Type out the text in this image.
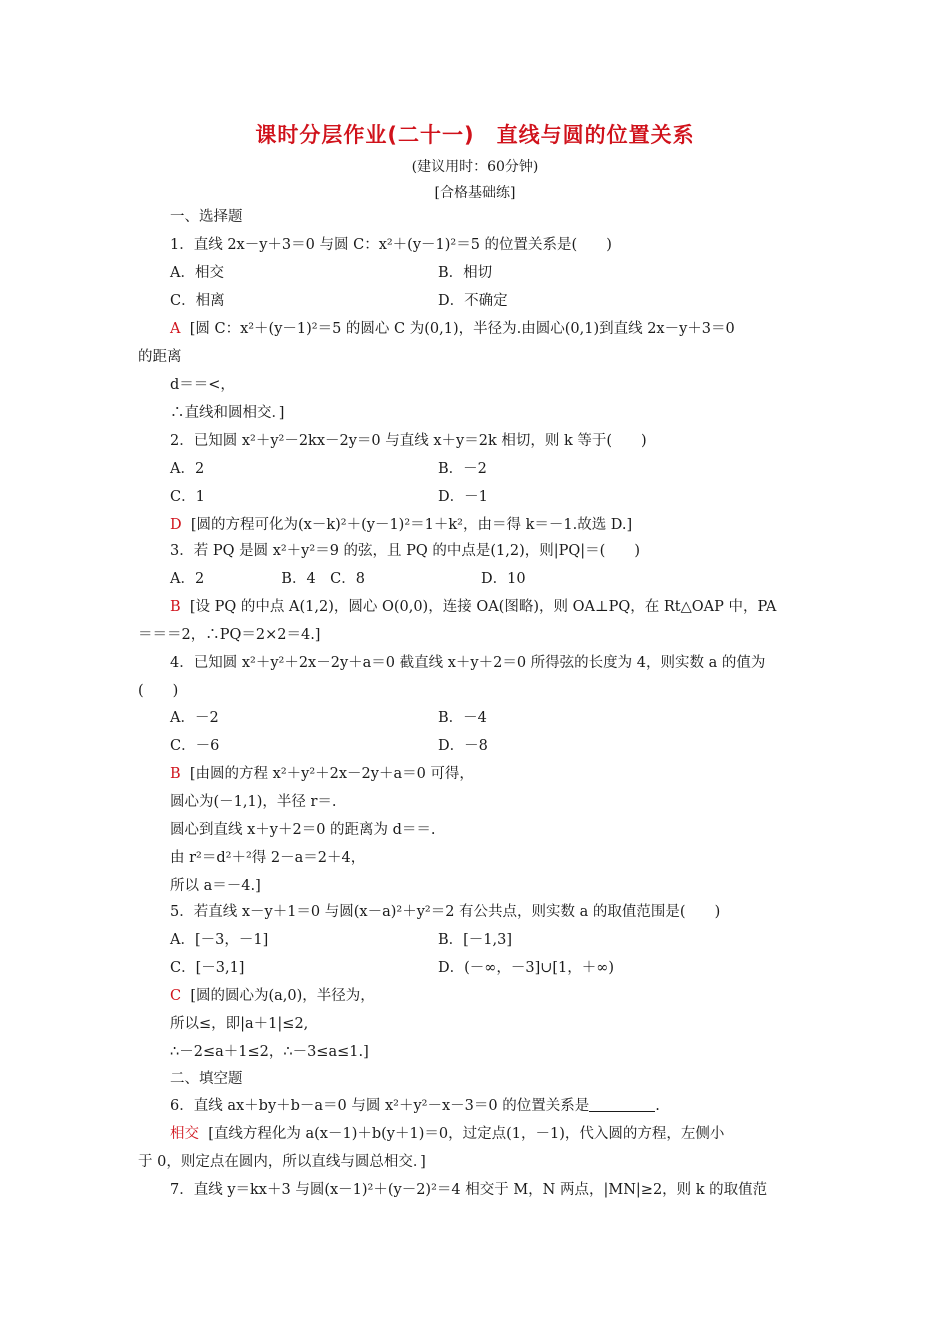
课时分层作业(二十一)　直线与圆的位置关系
(建议用时：60分钟)
[合格基础练]
一、选择题
1．直线 2x－y＋3＝0 与圆 C：x²＋(y－1)²＝5 的位置关系是(　　)
A．相交	B．相切
C．相离	D．不确定
A [圆 C：x²＋(y－1)²＝5 的圆心 C 为(0,1)，半径为.由圆心(0,1)到直线 2x－y＋3＝0
的距离
d＝＝<，
∴直线和圆相交．]
2．已知圆 x²＋y²－2kx－2y＝0 与直线 x＋y＝2k 相切，则 k 等于(　　)
A．2	B．－2
C．1	D．－1
D [圆的方程可化为(x－k)²＋(y－1)²＝1＋k²，由＝得 k＝－1.故选 D.]
3．若 PQ 是圆 x²＋y²＝9 的弦，且 PQ 的中点是(1,2)，则|PQ|＝(　　)
A．2　　　　　 B．4　C．8　　　　　　　　D．10
B [设 PQ 的中点 A(1,2)，圆心 O(0,0)，连接 OA(图略)，则 OA⊥PQ，在 Rt△OAP 中，PA
＝＝＝2，∴PQ＝2×2＝4.]
4．已知圆 x²＋y²＋2x－2y＋a＝0 截直线 x＋y＋2＝0 所得弦的长度为 4，则实数 a 的值为
(　　)
A．－2	B．－4
C．－6	D．－8
B [由圆的方程 x²＋y²＋2x－2y＋a＝0 可得，
圆心为(－1,1)，半径 r＝.
圆心到直线 x＋y＋2＝0 的距离为 d＝＝.
由 r²＝d²＋²得 2－a＝2＋4，
所以 a＝－4.]
5．若直线 x－y＋1＝0 与圆(x－a)²＋y²＝2 有公共点，则实数 a 的取值范围是(　　)
A．[－3，－1]	B．[－1,3]
C．[－3,1]	D．(－∞，－3]∪[1，＋∞)
C [圆的圆心为(a,0)，半径为，
所以≤，即|a＋1|≤2,
∴－2≤a＋1≤2，∴－3≤a≤1.]
二、填空题
6．直线 ax＋by＋b－a＝0 与圆 x²＋y²－x－3＝0 的位置关系是	.
相交 [直线方程化为 a(x－1)＋b(y＋1)＝0，过定点(1，－1)，代入圆的方程，左侧小
于 0，则定点在圆内，所以直线与圆总相交．]
7．直线 y＝kx＋3 与圆(x－1)²＋(y－2)²＝4 相交于 M，N 两点，|MN|≥2，则 k 的取值范
